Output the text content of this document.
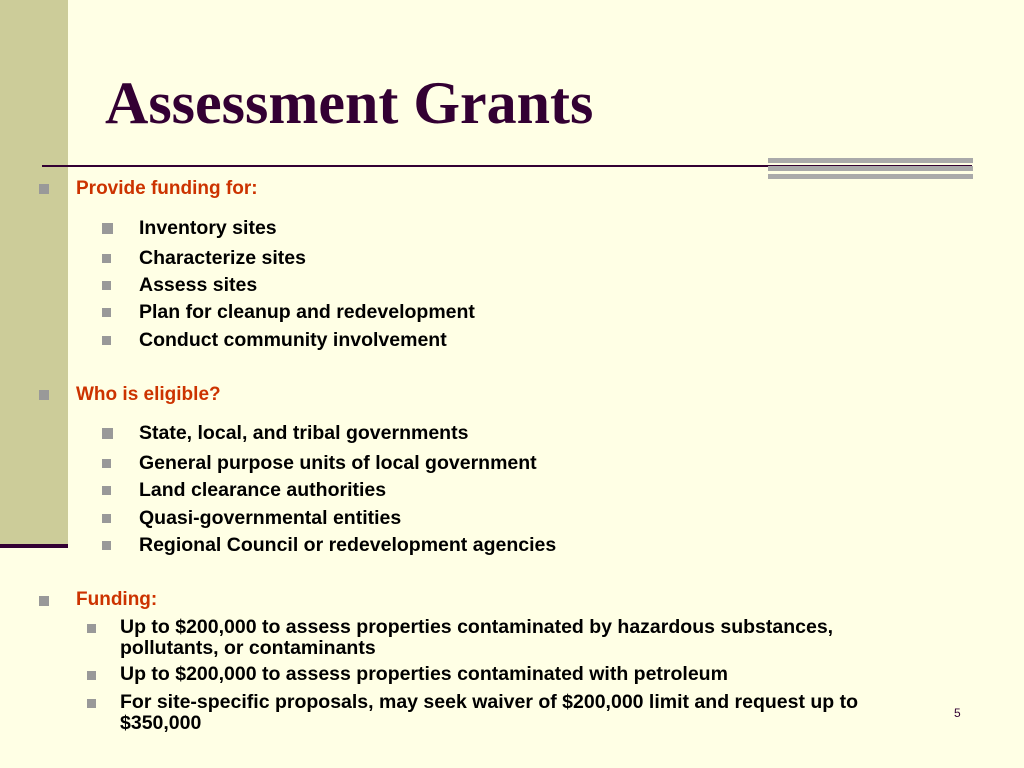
Assessment Grants
Provide funding for:
Inventory sites
Characterize sites
Assess sites
Plan for cleanup and redevelopment
Conduct community involvement
Who is eligible?
State, local, and tribal governments
General purpose units of local government
Land clearance authorities
Quasi-governmental entities
Regional Council or redevelopment agencies
Funding:
Up to $200,000 to assess properties contaminated by hazardous substances,
pollutants, or contaminants
Up to $200,000 to assess properties contaminated with petroleum
For site-specific proposals, may seek waiver of $200,000 limit and request up to
$350,000	5
